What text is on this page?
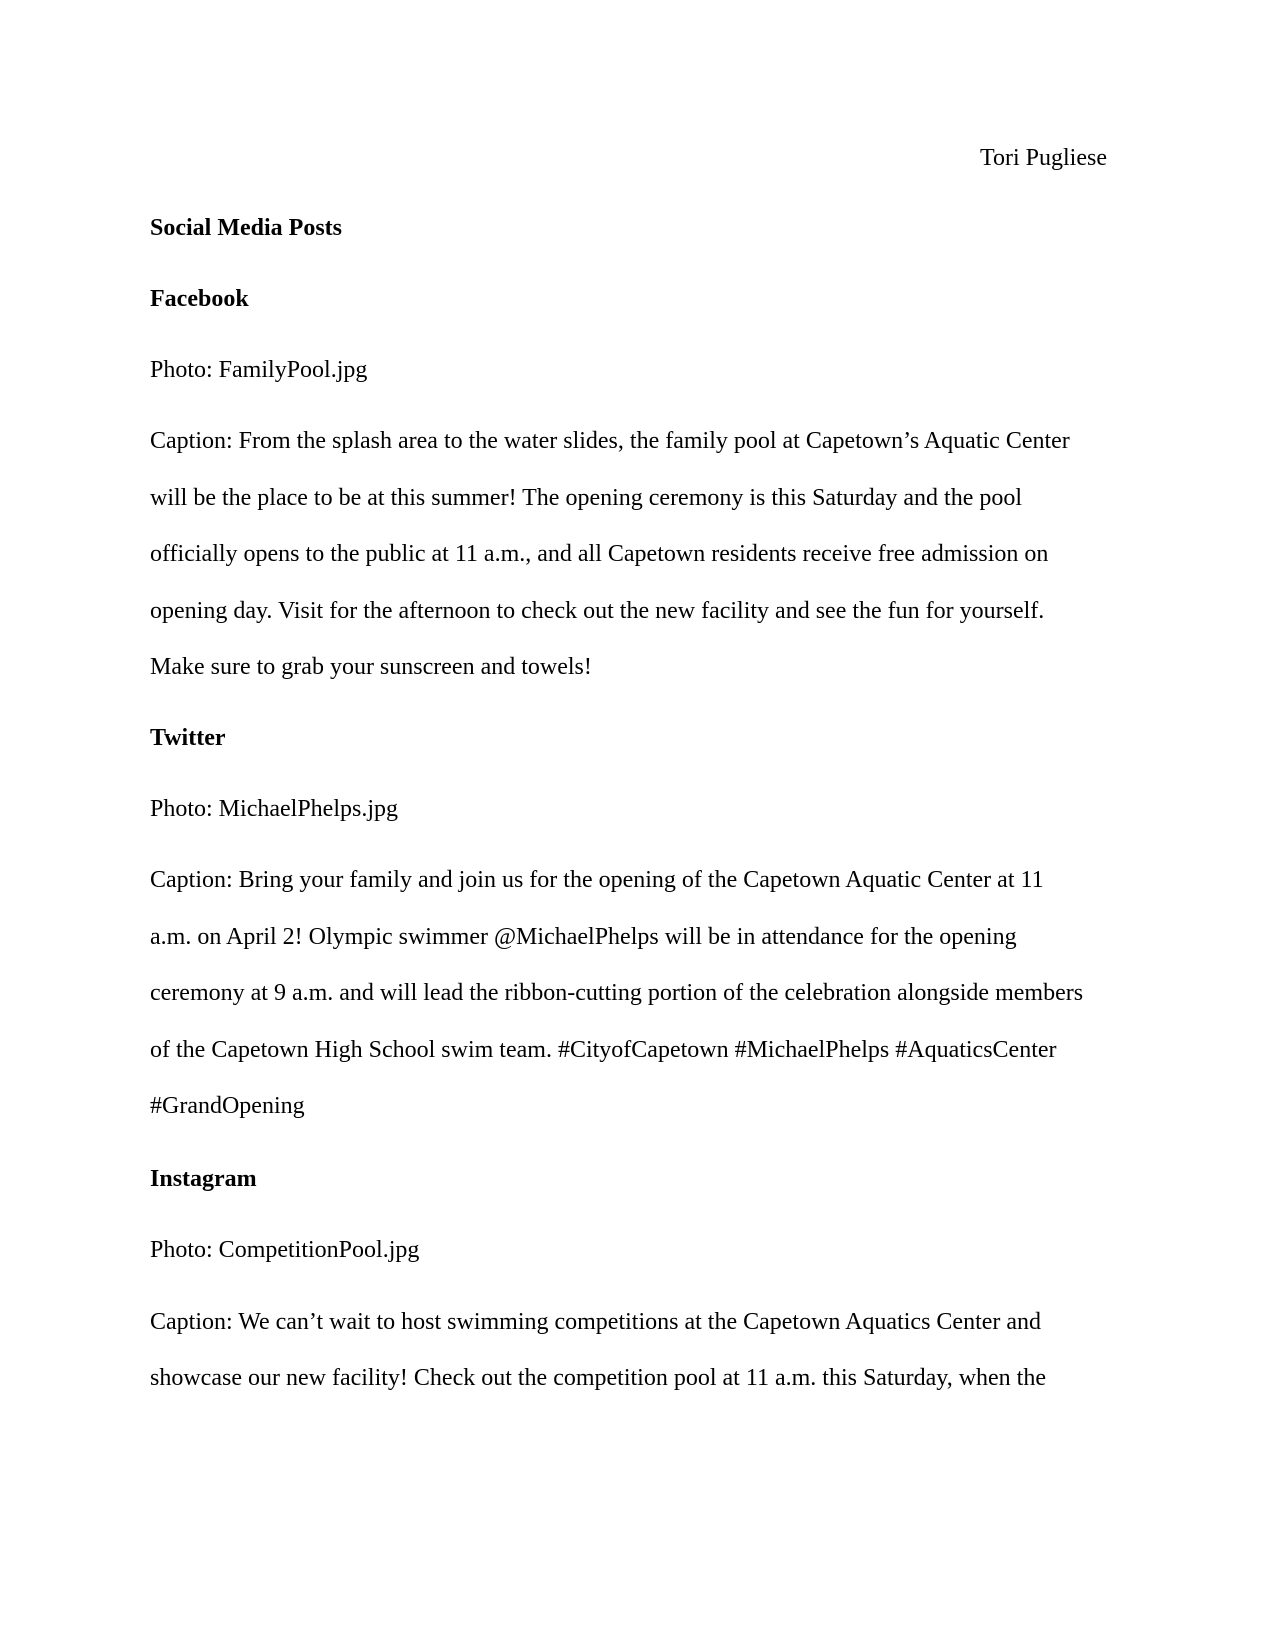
Tori Pugliese
Social Media Posts
Facebook
Photo: FamilyPool.jpg
Caption: From the splash area to the water slides, the family pool at Capetown’s Aquatic Center
will be the place to be at this summer! The opening ceremony is this Saturday and the pool
officially opens to the public at 11 a.m., and all Capetown residents receive free admission on
opening day. Visit for the afternoon to check out the new facility and see the fun for yourself.
Make sure to grab your sunscreen and towels!
Twitter
Photo: MichaelPhelps.jpg
Caption: Bring your family and join us for the opening of the Capetown Aquatic Center at 11
a.m. on April 2! Olympic swimmer @MichaelPhelps will be in attendance for the opening
ceremony at 9 a.m. and will lead the ribbon-cutting portion of the celebration alongside members
of the Capetown High School swim team. #CityofCapetown #MichaelPhelps #AquaticsCenter
#GrandOpening
Instagram
Photo: CompetitionPool.jpg
Caption: We can’t wait to host swimming competitions at the Capetown Aquatics Center and
showcase our new facility! Check out the competition pool at 11 a.m. this Saturday, when the
